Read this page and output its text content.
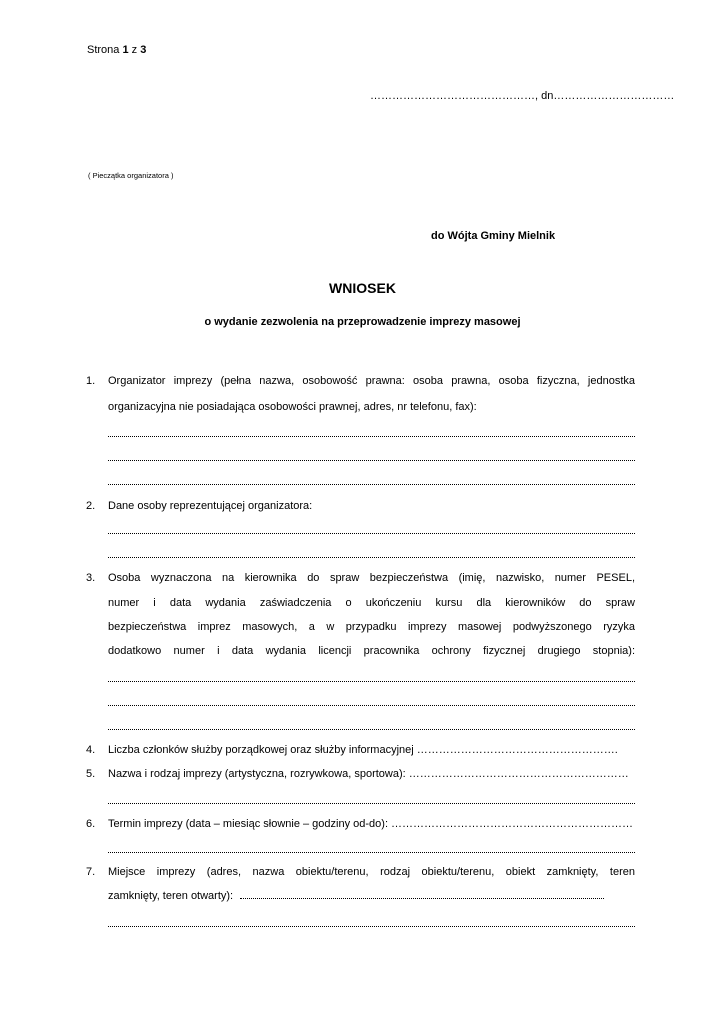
Strona 1 z 3
………………………………………, dn……………………………
( Pieczątka organizatora )
do Wójta Gminy Mielnik
WNIOSEK
o wydanie zezwolenia na przeprowadzenie imprezy masowej
1. Organizator imprezy (pełna nazwa, osobowość prawna: osoba prawna, osoba fizyczna, jednostka
organizacyjna nie posiadająca osobowości prawnej, adres, nr telefonu, fax):
2. Dane osoby reprezentującej organizatora:
3. Osoba wyznaczona na kierownika do spraw bezpieczeństwa (imię, nazwisko, numer PESEL,
numer i data wydania zaświadczenia o ukończeniu kursu dla kierowników do spraw
bezpieczeństwa imprez masowych, a w przypadku imprezy masowej podwyższonego ryzyka
dodatkowo numer i data wydania licencji pracownika ochrony fizycznej drugiego stopnia):
4. Liczba członków służby porządkowej oraz służby informacyjnej ……………………………………………….
5. Nazwa i rodzaj imprezy (artystyczna, rozrywkowa, sportowa): ……………………………………………………
6. Termin imprezy (data – miesiąc słownie – godziny od-do): …………………………………………………………
7. Miejsce imprezy (adres, nazwa obiektu/terenu, rodzaj obiektu/terenu, obiekt zamknięty, teren
zamknięty, teren otwarty):
